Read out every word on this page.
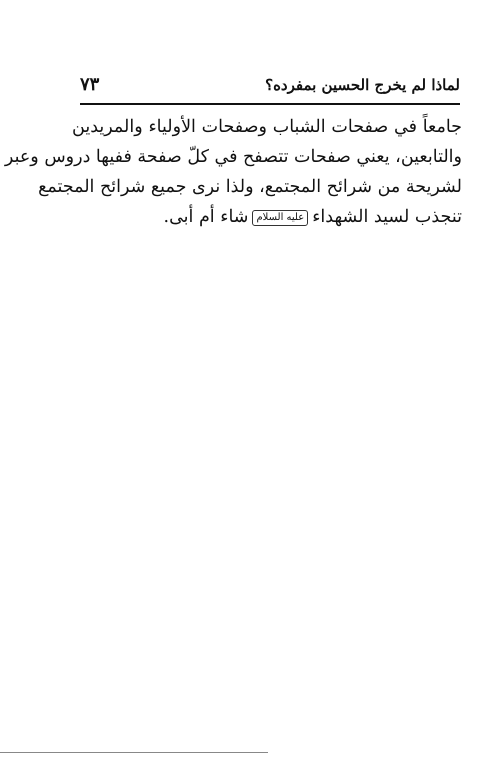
لماذا لم يخرج الحسين بمفرده؟
٧٣
جامعاً في صفحات الشباب وصفحات الأولياء والمريدين
والتابعين، يعني صفحات تتصفح في كلّ صفحة ففيها دروس وعبر
لشريحة من شرائح المجتمع، ولذا نرى جميع شرائح المجتمع
تنجذب لسيد الشهداءعليه السلامشاء أم أبى.
